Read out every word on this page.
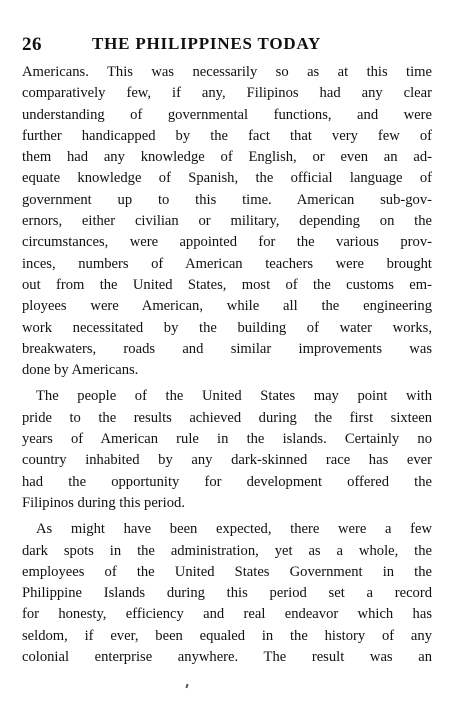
26	THE PHILIPPINES TODAY
Americans. This was necessarily so as at this time
comparatively few, if any, Filipinos had any clear
understanding of governmental functions, and were
further handicapped by the fact that very few of
them had any knowledge of English, or even an ad-
equate knowledge of Spanish, the official language of
government up to this time. American sub-gov-
ernors, either civilian or military, depending on the
circumstances, were appointed for the various prov-
inces, numbers of American teachers were brought
out from the United States, most of the customs em-
ployees were American, while all the engineering
work necessitated by the building of water works,
breakwaters, roads and similar improvements was
done by Americans.
The people of the United States may point with
pride to the results achieved during the first sixteen
years of American rule in the islands. Certainly no
country inhabited by any dark-skinned race has ever
had the opportunity for development offered the
Filipinos during this period.
As might have been expected, there were a few
dark spots in the administration, yet as a whole, the
employees of the United States Government in the
Philippine Islands during this period set a record
for honesty, efficiency and real endeavor which has
seldom, if ever, been equaled in the history of any
colonial enterprise anywhere. The result was an
